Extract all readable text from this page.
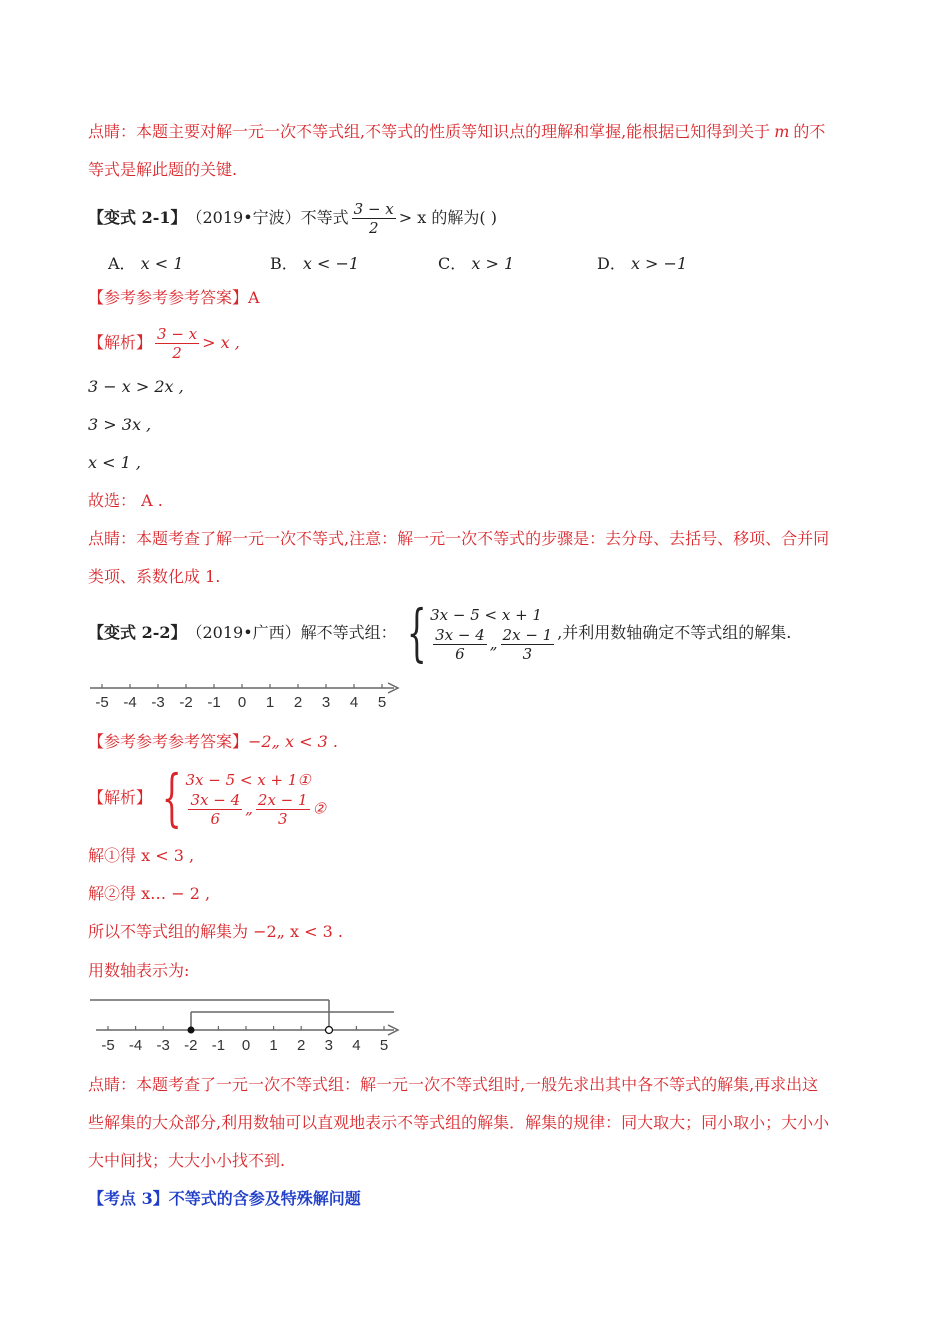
点睛：本题主要对解一元一次不等式组,不等式的性质等知识点的理解和掌握,能根据已知得到关于 m 的不
等式是解此题的关键.
【变式 2-1】 （2019•宁波）不等式 $\frac{3 - x}{2} > x$ 的解为( )
A． x < 1	B． x < −1	C． x > 1	D． x > −1
【参考参考参考答案】A
【解析】 $\frac{3 - x}{2} > x$ ,
3 − x > 2x ,
3 > 3x ,
x < 1 ,
故选： A .
点睛：本题考查了解一元一次不等式,注意：解一元一次不等式的步骤是：去分母、去括号、移项、合并同
类项、系数化成 1.
【变式 2-2】 （2019•广西）解不等式组： { 3x − 5 < x + 1
$\frac{3x - 4}{6}$ „ $\frac{2x - 1}{3}$ ,并利用数轴确定不等式组的解集.
-5 -4 -3 -2 -1 0 1 2 3 4 5
【参考参考参考答案】−2„ x < 3 .
【解析】 { 3x − 5 < x + 1①
$\frac{3x - 4}{6}$ „ $\frac{2x - 1}{3}$ ②
解①得 x < 3 ,
解②得 x… − 2 ,
所以不等式组的解集为 −2„ x < 3 .
用数轴表示为:
-5 -4 -3 -2 -1 0 1 2 3 4 5
点睛：本题考查了一元一次不等式组：解一元一次不等式组时,一般先求出其中各不等式的解集,再求出这
些解集的大众部分,利用数轴可以直观地表示不等式组的解集．解集的规律：同大取大；同小取小；大小小
大中间找；大大小小找不到.
【考点 3】不等式的含参及特殊解问题
